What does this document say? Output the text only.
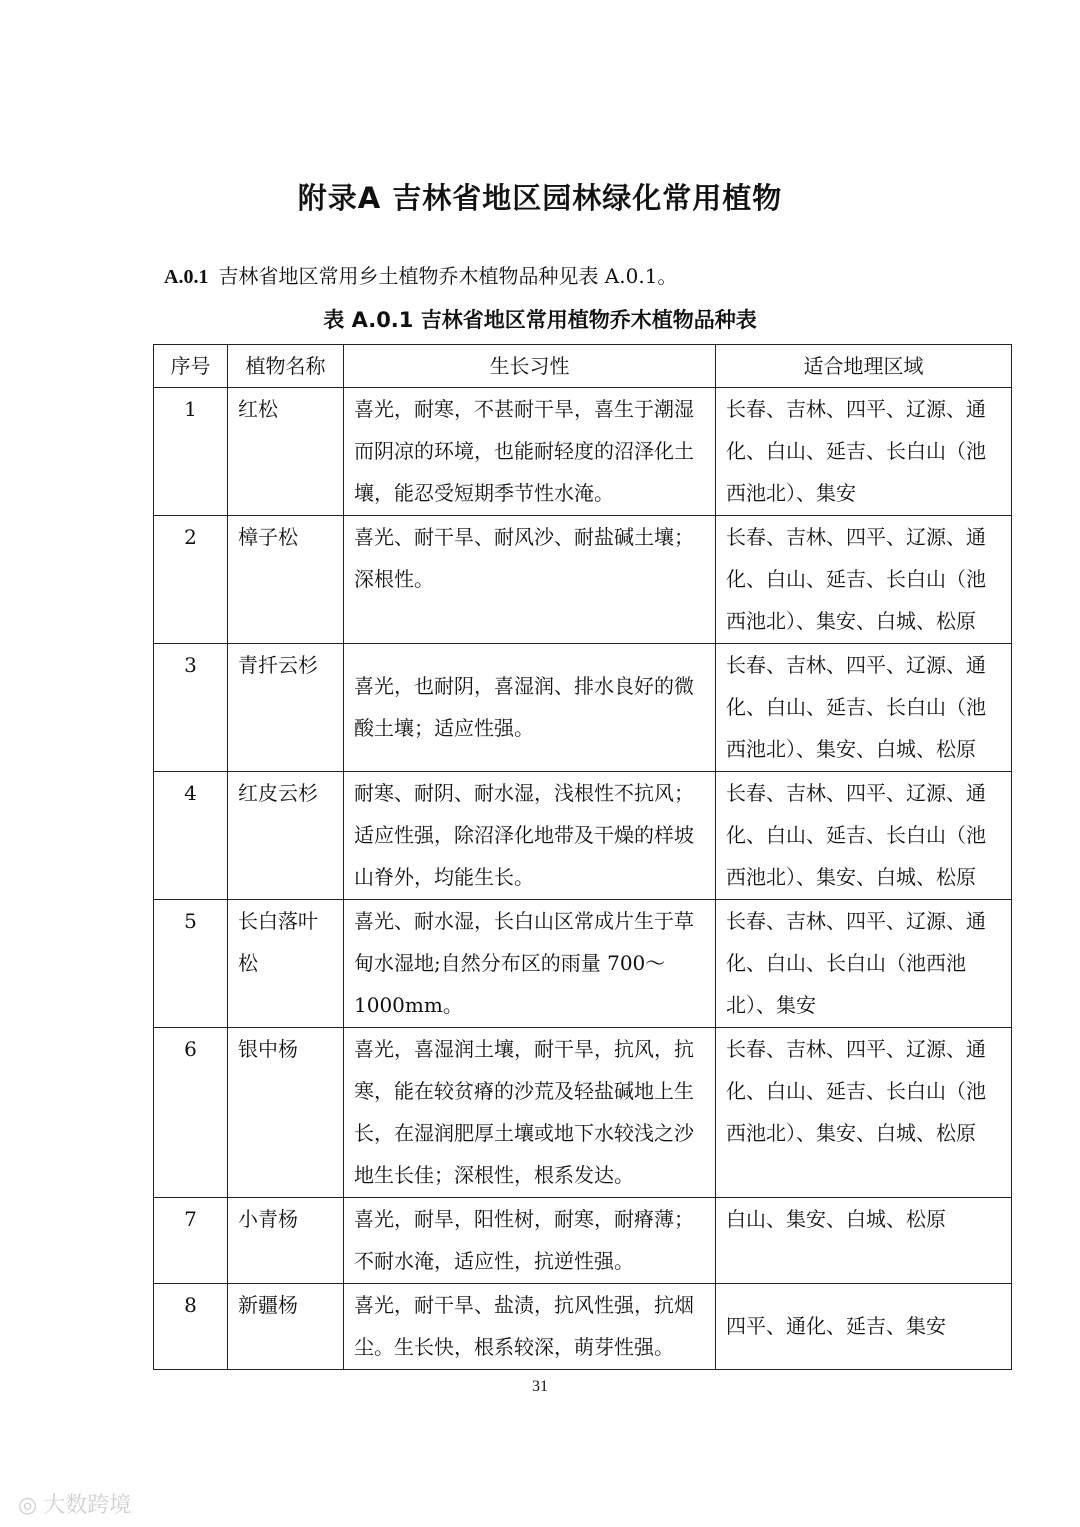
附录A 吉林省地区园林绿化常用植物
A.0.1 吉林省地区常用乡土植物乔木植物品种见表 A.0.1。
表 A.0.1 吉林省地区常用植物乔木植物品种表
序号	植物名称	生长习性	适合地理区域
1	红松	喜光，耐寒，不甚耐干旱，喜生于潮湿而阴凉的环境，也能耐轻度的沼泽化土壤，能忍受短期季节性水淹。	长春、吉林、四平、辽源、通化、白山、延吉、长白山（池西池北）、集安
2	樟子松	喜光、耐干旱、耐风沙、耐盐碱土壤；深根性。	长春、吉林、四平、辽源、通化、白山、延吉、长白山（池西池北）、集安、白城、松原
3	青扦云杉	喜光，也耐阴，喜湿润、排水良好的微酸土壤；适应性强。	长春、吉林、四平、辽源、通化、白山、延吉、长白山（池西池北）、集安、白城、松原
4	红皮云杉	耐寒、耐阴、耐水湿，浅根性不抗风；适应性强，除沼泽化地带及干燥的样坡山脊外，均能生长。	长春、吉林、四平、辽源、通化、白山、延吉、长白山（池西池北）、集安、白城、松原
5	长白落叶松	喜光、耐水湿，长白山区常成片生于草甸水湿地;自然分布区的雨量 700～1000mm。	长春、吉林、四平、辽源、通化、白山、长白山（池西池北）、集安
6	银中杨	喜光，喜湿润土壤，耐干旱，抗风，抗寒，能在较贫瘠的沙荒及轻盐碱地上生长，在湿润肥厚土壤或地下水较浅之沙地生长佳；深根性，根系发达。	长春、吉林、四平、辽源、通化、白山、延吉、长白山（池西池北）、集安、白城、松原
7	小青杨	喜光，耐旱，阳性树，耐寒，耐瘠薄；不耐水淹，适应性，抗逆性强。	白山、集安、白城、松原
8	新疆杨	喜光，耐干旱、盐渍，抗风性强，抗烟尘。生长快，根系较深，萌芽性强。	四平、通化、延吉、集安
31
◎ 大数跨境
